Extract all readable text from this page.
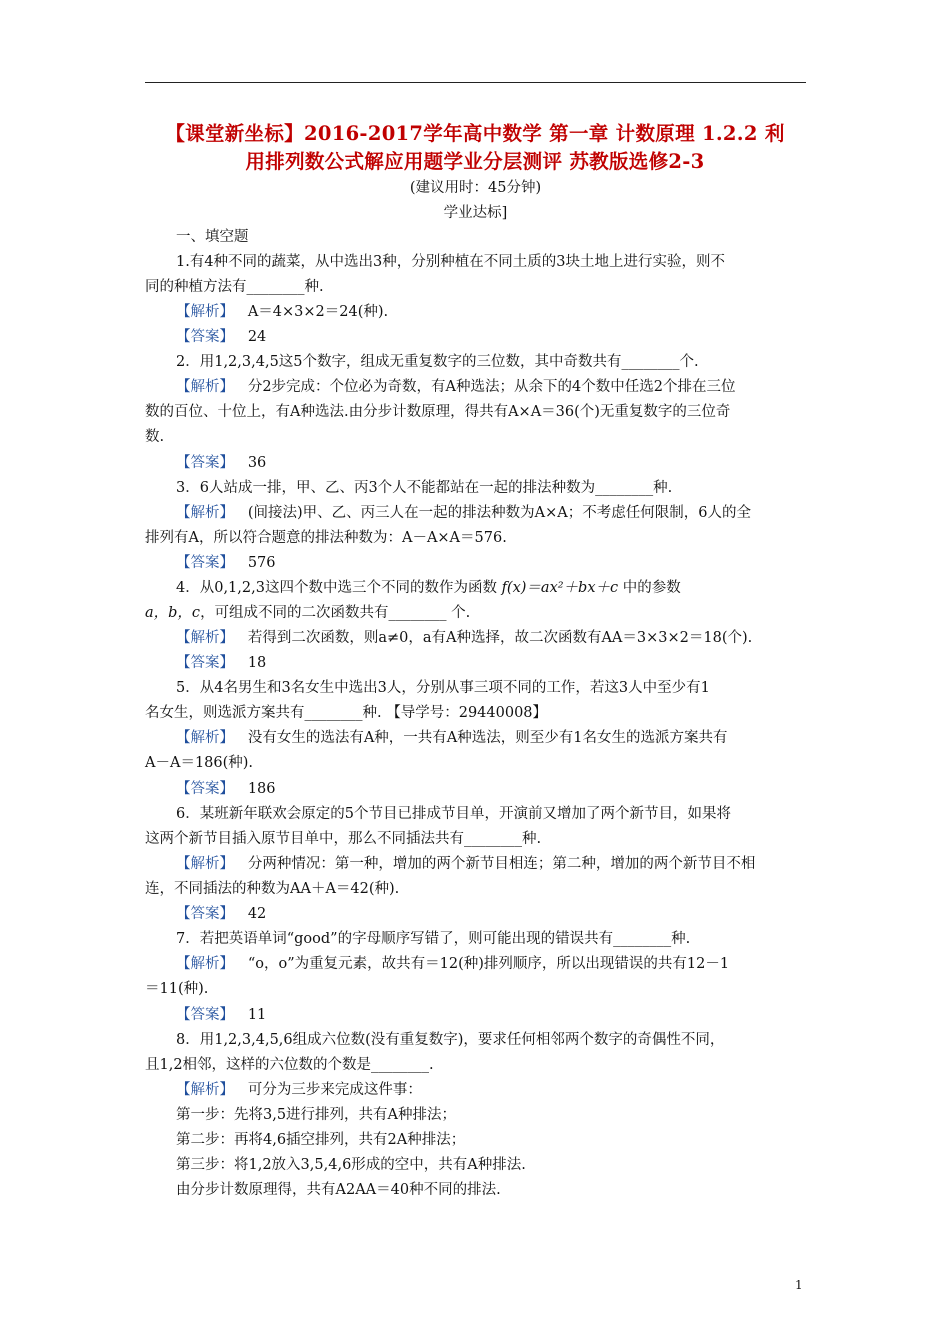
【课堂新坐标】2016-2017学年高中数学 第一章 计数原理 1.2.2 利
用排列数公式解应用题学业分层测评 苏教版选修2-3
(建议用时：45分钟)
学业达标]
一、填空题
1.有4种不同的蔬菜，从中选出3种，分别种植在不同土质的3块土地上进行实验，则不
同的种植方法有________种.
【解析】 A＝4×3×2＝24(种).
【答案】 24
2．用1,2,3,4,5这5个数字，组成无重复数字的三位数，其中奇数共有________个.
【解析】 分2步完成：个位必为奇数，有A种选法；从余下的4个数中任选2个排在三位
数的百位、十位上，有A种选法.由分步计数原理，得共有A×A＝36(个)无重复数字的三位奇
数.
【答案】 36
3．6人站成一排，甲、乙、丙3个人不能都站在一起的排法种数为________种.
【解析】 (间接法)甲、乙、丙三人在一起的排法种数为A×A；不考虑任何限制，6人的全
排列有A，所以符合题意的排法种数为：A－A×A＝576.
【答案】 576
4．从0,1,2,3这四个数中选三个不同的数作为函数 f(x)＝ax²＋bx＋c 中的参数
a，b，c，可组成不同的二次函数共有________ 个.
【解析】 若得到二次函数，则a≠0，a有A种选择，故二次函数有AA＝3×3×2＝18(个).
【答案】 18
5．从4名男生和3名女生中选出3人，分别从事三项不同的工作，若这3人中至少有1
名女生，则选派方案共有________种. 【导学号：29440008】
【解析】 没有女生的选法有A种，一共有A种选法，则至少有1名女生的选派方案共有
A－A＝186(种).
【答案】 186
6．某班新年联欢会原定的5个节目已排成节目单，开演前又增加了两个新节目，如果将
这两个新节目插入原节目单中，那么不同插法共有________种.
【解析】 分两种情况：第一种，增加的两个新节目相连；第二种，增加的两个新节目不相
连，不同插法的种数为AA＋A＝42(种).
【答案】 42
7．若把英语单词“good”的字母顺序写错了，则可能出现的错误共有________种.
【解析】 “o，o”为重复元素，故共有＝12(种)排列顺序，所以出现错误的共有12－1
＝11(种).
【答案】 11
8．用1,2,3,4,5,6组成六位数(没有重复数字)，要求任何相邻两个数字的奇偶性不同，
且1,2相邻，这样的六位数的个数是________.
【解析】 可分为三步来完成这件事：
第一步：先将3,5进行排列，共有A种排法；
第二步：再将4,6插空排列，共有2A种排法；
第三步：将1,2放入3,5,4,6形成的空中，共有A种排法.
由分步计数原理得，共有A2AA＝40种不同的排法.
1
